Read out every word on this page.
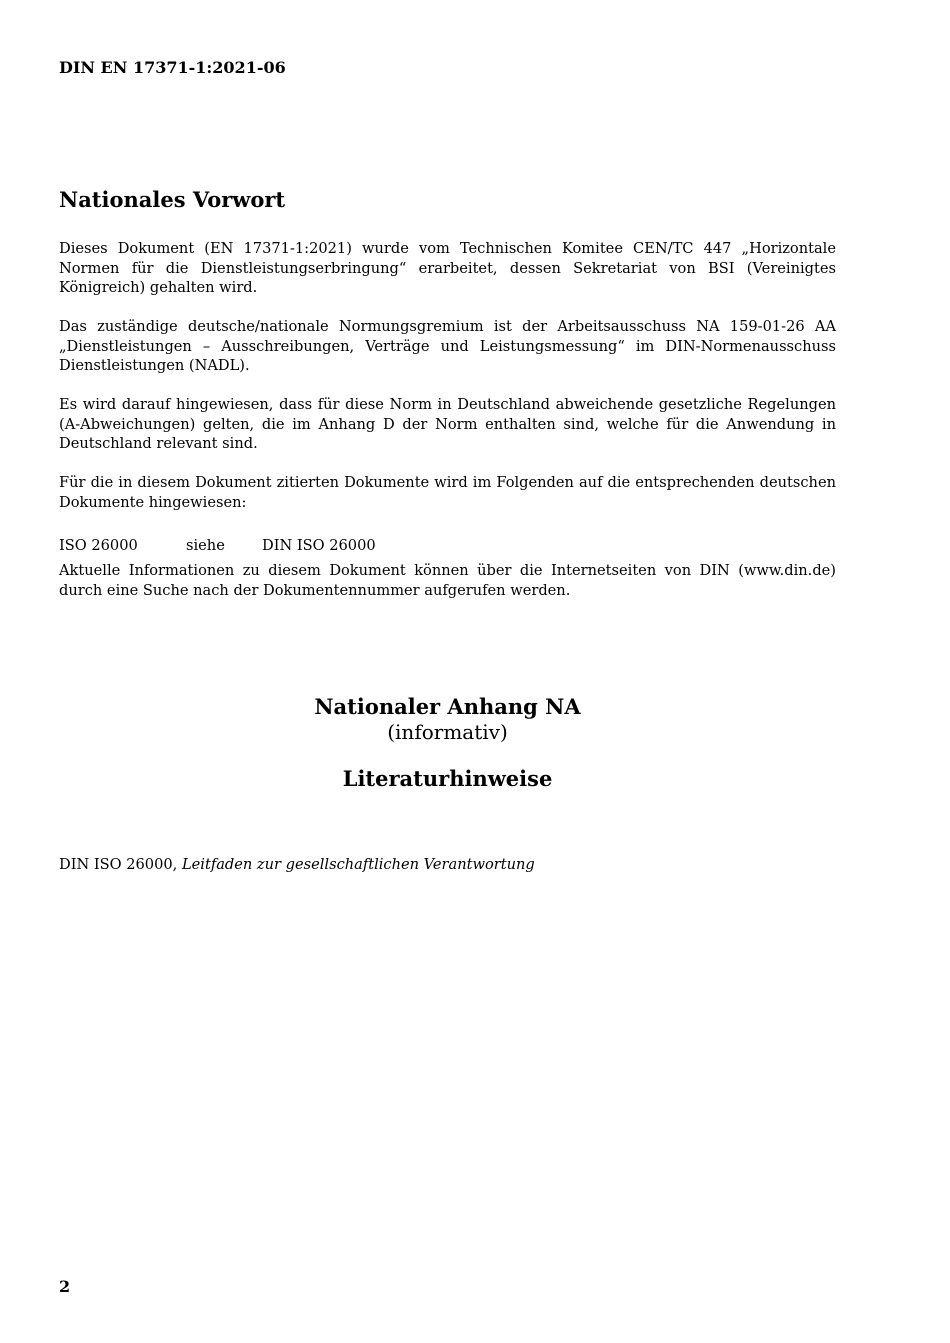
DIN EN 17371-1:2021-06
Nationales Vorwort
Dieses Dokument (EN 17371-1:2021) wurde vom Technischen Komitee CEN/TC 447 „Horizontale Normen für die Dienstleistungserbringung“ erarbeitet, dessen Sekretariat von BSI (Vereinigtes Königreich) gehalten wird.
Das zuständige deutsche/nationale Normungsgremium ist der Arbeitsausschuss NA 159-01-26 AA „Dienstleistungen – Ausschreibungen, Verträge und Leistungsmessung“ im DIN-Normenausschuss Dienstleistungen (NADL).
Es wird darauf hingewiesen, dass für diese Norm in Deutschland abweichende gesetzliche Regelungen (A-Abweichungen) gelten, die im Anhang D der Norm enthalten sind, welche für die Anwendung in Deutschland relevant sind.
Für die in diesem Dokument zitierten Dokumente wird im Folgenden auf die entsprechenden deutschen Dokumente hingewiesen:
ISO 26000	siehe	DIN ISO 26000
Aktuelle Informationen zu diesem Dokument können über die Internetseiten von DIN (www.din.de) durch eine Suche nach der Dokumentennummer aufgerufen werden.
Nationaler Anhang NA
(informativ)
Literaturhinweise
DIN ISO 26000, Leitfaden zur gesellschaftlichen Verantwortung
2
